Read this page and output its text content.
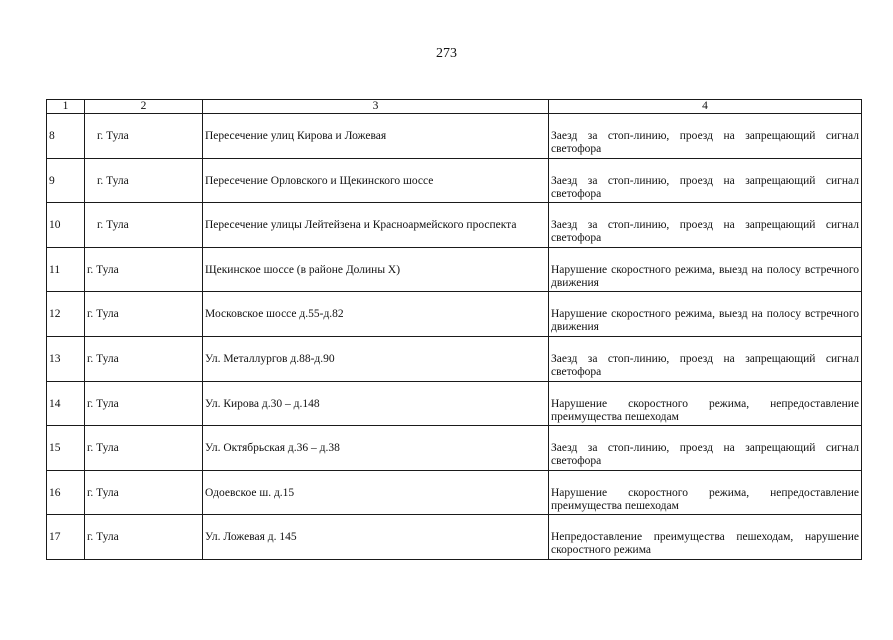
273
1	2	3	4
8	г. Тула	Пересечение улиц Кирова и Ложевая	Заезд за стоп-линию, проезд на запрещающий сигнал светофора
9	г. Тула	Пересечение Орловского и Щекинского шоссе	Заезд за стоп-линию, проезд на запрещающий сигнал светофора
10	г. Тула	Пересечение улицы Лейтейзена и Красноармейского проспекта	Заезд за стоп-линию, проезд на запрещающий сигнал светофора
11	г. Тула	Щекинское шоссе (в районе Долины Х)	Нарушение скоростного режима, выезд на полосу встречного движения
12	г. Тула	Московское шоссе д.55-д.82	Нарушение скоростного режима, выезд на полосу встречного движения
13	г. Тула	Ул. Металлургов д.88-д.90	Заезд за стоп-линию, проезд на запрещающий сигнал светофора
14	г. Тула	Ул. Кирова д.30 – д.148	Нарушение скоростного режима, непредоставление преимущества пешеходам
15	г. Тула	Ул. Октябрьская д.36 – д.38	Заезд за стоп-линию, проезд на запрещающий сигнал светофора
16	г. Тула	Одоевское ш. д.15	Нарушение скоростного режима, непредоставление преимущества пешеходам
17	г. Тула	Ул. Ложевая д. 145	Непредоставление преимущества пешеходам, нарушение скоростного режима
